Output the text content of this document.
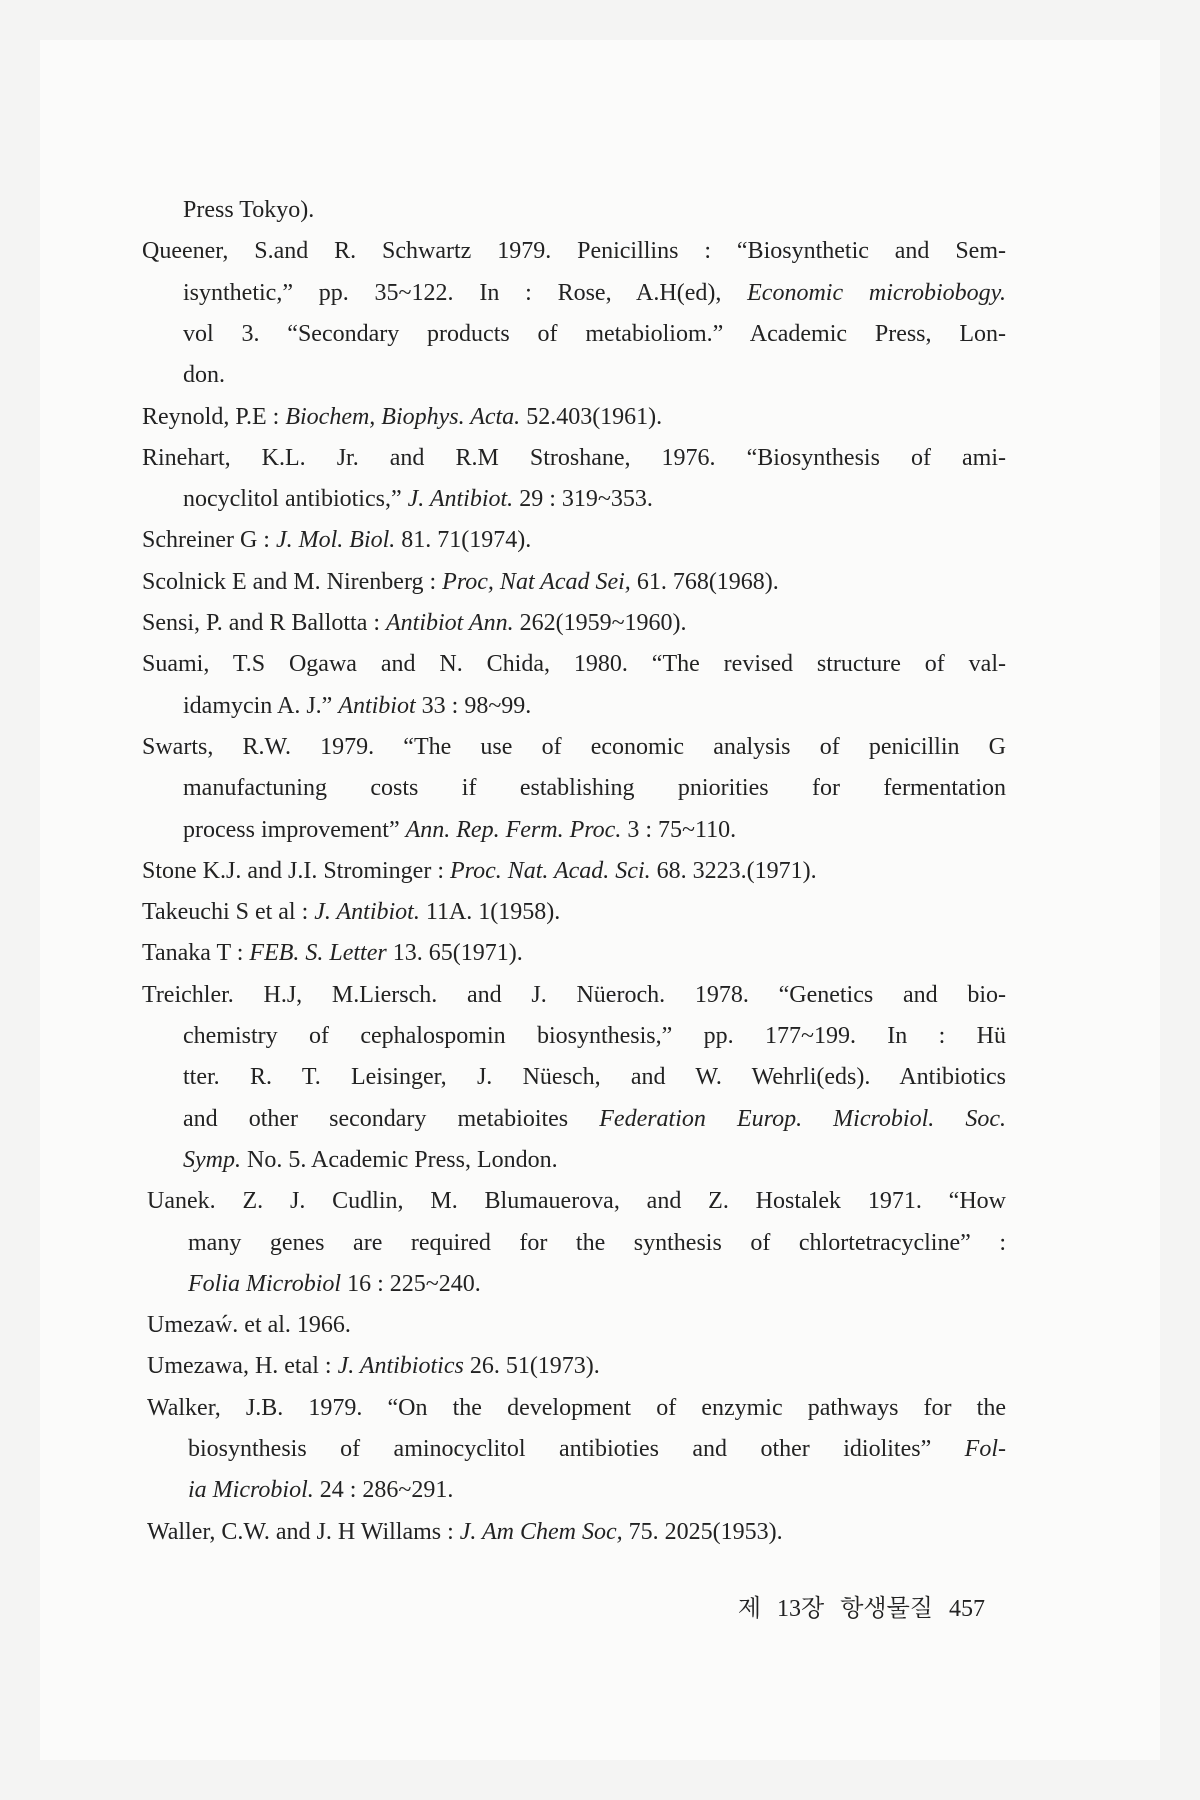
Press Tokyo).
Queener, S.and R. Schwartz 1979. Penicillins : “Biosynthetic and Sem-
isynthetic,” pp. 35~122. In : Rose, A.H(ed), Economic microbiobogy.
vol 3. “Secondary products of metabioliom.” Academic Press, Lon-
don.
Reynold, P.E : Biochem, Biophys. Acta. 52.403(1961).
Rinehart, K.L. Jr. and R.M Stroshane, 1976. “Biosynthesis of ami-
nocyclitol antibiotics,” J. Antibiot. 29 : 319~353.
Schreiner G : J. Mol. Biol. 81. 71(1974).
Scolnick E and M. Nirenberg : Proc, Nat Acad Sei, 61. 768(1968).
Sensi, P. and R Ballotta : Antibiot Ann. 262(1959~1960).
Suami, T.S Ogawa and N. Chida, 1980. “The revised structure of val-
idamycin A. J.” Antibiot 33 : 98~99.
Swarts, R.W. 1979. “The use of economic analysis of penicillin G
manufactuning costs if establishing pniorities for fermentation
process improvement” Ann. Rep. Ferm. Proc. 3 : 75~110.
Stone K.J. and J.I. Strominger : Proc. Nat. Acad. Sci. 68. 3223.(1971).
Takeuchi S et al : J. Antibiot. 11A. 1(1958).
Tanaka T : FEB. S. Letter 13. 65(1971).
Treichler. H.J, M.Liersch. and J. Nüeroch. 1978. “Genetics and bio-
chemistry of cephalospomin biosynthesis,” pp. 177~199. In : Hü
tter. R. T. Leisinger, J. Nüesch, and W. Wehrli(eds). Antibiotics
and other secondary metabioites Federation Europ. Microbiol. Soc.
Symp. No. 5. Academic Press, London.
Uanek. Z. J. Cudlin, M. Blumauerova, and Z. Hostalek 1971. “How
many genes are required for the synthesis of chlortetracycline” :
Folia Microbiol 16 : 225~240.
Umezaẃ. et al. 1966.
Umezawa, H. etal : J. Antibiotics 26. 51(1973).
Walker, J.B. 1979. “On the development of enzymic pathways for the
biosynthesis of aminocyclitol antibioties and other idiolites” Fol-
ia Microbiol. 24 : 286~291.
Waller, C.W. and J. H Willams : J. Am Chem Soc, 75. 2025(1953).
제 13장 항생물질 457
